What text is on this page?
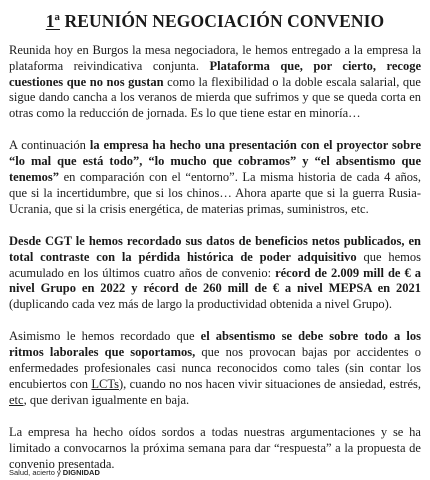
1ª REUNIÓN NEGOCIACIÓN CONVENIO

Reunida hoy en Burgos la mesa negociadora, le hemos entregado a la empresa la plataforma reivindicativa conjunta. Plataforma que, por cierto, recoge cuestiones que no nos gustan como la flexibilidad o la doble escala salarial, que sigue dando cancha a los veranos de mierda que sufrimos y que se queda corta en otras como la reducción de jornada. Es lo que tiene estar en minoría…

A continuación la empresa ha hecho una presentación con el proyector sobre “lo mal que está todo”, “lo mucho que cobramos” y “el absentismo que tenemos” en comparación con el “entorno”. La misma historia de cada 4 años, que si la incertidumbre, que si los chinos… Ahora aparte que si la guerra Rusia-Ucrania, que si la crisis energética, de materias primas, suministros, etc.

Desde CGT le hemos recordado sus datos de beneficios netos publicados, en total contraste con la pérdida histórica de poder adquisitivo que hemos acumulado en los últimos cuatro años de convenio: récord de 2.009 mill de € a nivel Grupo en 2022 y récord de 260 mill de € a nivel MEPSA en 2021 (duplicando cada vez más de largo la productividad obtenida a nivel Grupo).

Asimismo le hemos recordado que el absentismo se debe sobre todo a los ritmos laborales que soportamos, que nos provocan bajas por accidentes o enfermedades profesionales casi nunca reconocidos como tales (sin contar los encubiertos con LCTs), cuando no nos hacen vivir situaciones de ansiedad, estrés, etc, que derivan igualmente en baja.

La empresa ha hecho oídos sordos a todas nuestras argumentaciones y se ha limitado a convocarnos la próxima semana para dar “respuesta” a la propuesta de convenio presentada.

Salud, acierto y DIGNIDAD
